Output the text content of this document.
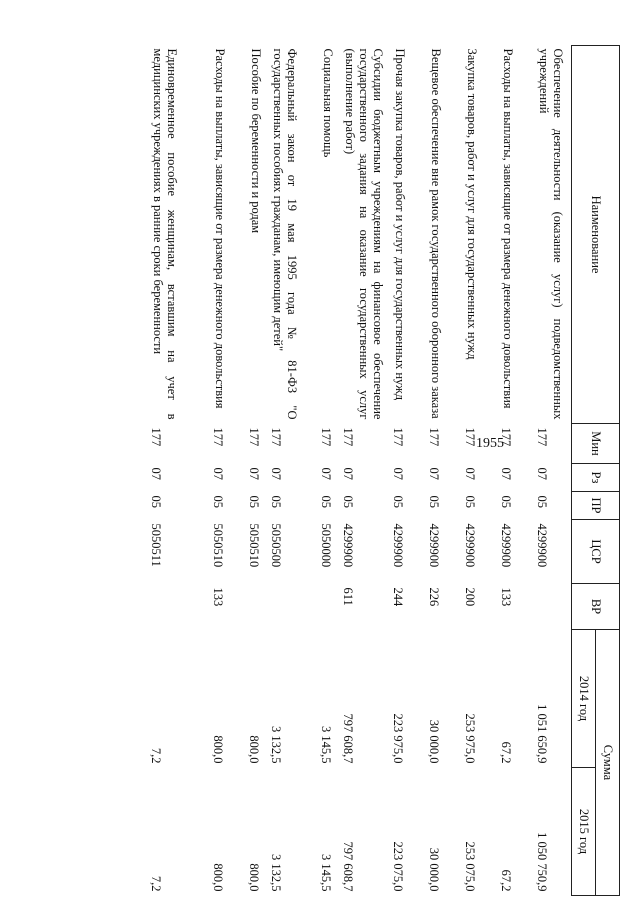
1955
Наименование	Мин	Рз	ПР	ЦСР	ВР	Сумма	
						2014 год	2015 год
Обеспечение деятельности (оказание услуг) подведомственных учреждений	177	07	05	4299900		1 051 650,9	1 050 750,9
Расходы на выплаты, зависящие от размера денежного довольствия	177	07	05	4299900	133	67,2	67,2
Закупка товаров, работ и услуг для государственных нужд	177	07	05	4299900	200	253 975,0	253 075,0
Вещевое обеспечение вне рамок государственного оборонного заказа	177	07	05	4299900	226	30 000,0	30 000,0
Прочая закупка товаров, работ и услуг для государственных нужд	177	07	05	4299900	244	223 975,0	223 075,0
Субсидии бюджетным учреждениям на финансовое обеспечение государственного задания на оказание государственных услуг (выполнение работ)	177	07	05	4299900	611	797 608,7	797 608,7
Социальная помощь	177	07	05	5050000		3 145,5	3 145,5
Федеральный закон от 19 мая 1995 года № 81-ФЗ "О государственных пособиях гражданам, имеющим детей"	177	07	05	5050500		3 132,5	3 132,5
Пособие по беременности и родам	177	07	05	5050510		800,0	800,0
Расходы на выплаты, зависящие от размера денежного довольствия	177	07	05	5050510	133	800,0	800,0
Единовременное пособие женщинам, вставшим на учет в медицинских учреждениях в ранние сроки беременности	177	07	05	5050511		7,2	7,2
